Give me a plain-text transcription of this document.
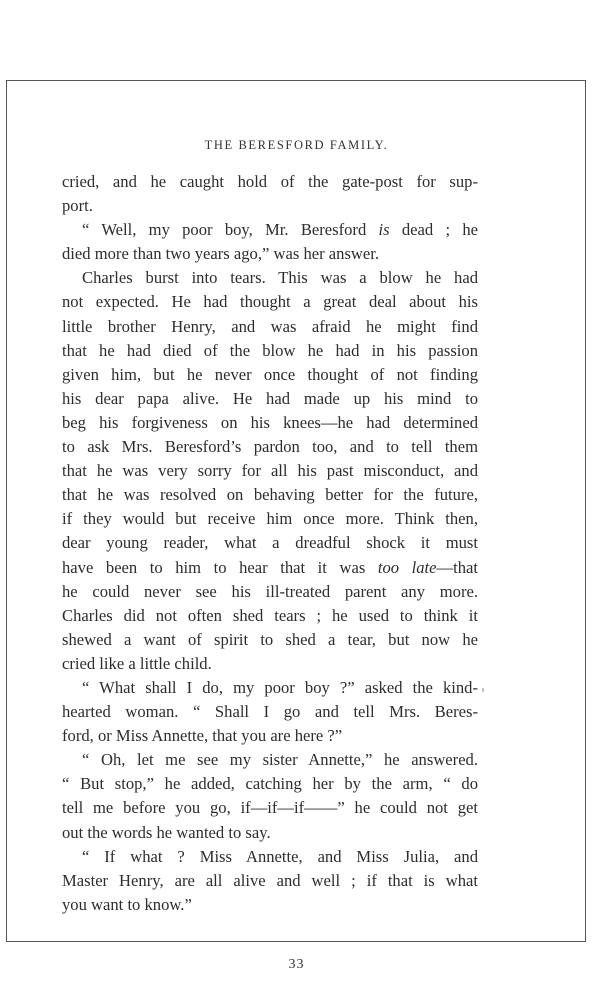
THE BERESFORD FAMILY.
cried, and he caught hold of the gate-post for sup-
port.
“ Well, my poor boy, Mr. Beresford is dead ; he
died more than two years ago,” was her answer.
Charles burst into tears. This was a blow he had
not expected. He had thought a great deal about his
little brother Henry, and was afraid he might find
that he had died of the blow he had in his passion
given him, but he never once thought of not finding
his dear papa alive. He had made up his mind to
beg his forgiveness on his knees—he had determined
to ask Mrs. Beresford’s pardon too, and to tell them
that he was very sorry for all his past misconduct, and
that he was resolved on behaving better for the future,
if they would but receive him once more. Think then,
dear young reader, what a dreadful shock it must
have been to him to hear that it was too late—that
he could never see his ill-treated parent any more.
Charles did not often shed tears ; he used to think it
shewed a want of spirit to shed a tear, but now he
cried like a little child.
“ What shall I do, my poor boy ?” asked the kind-
hearted woman. “ Shall I go and tell Mrs. Beres-
ford, or Miss Annette, that you are here ?”
“ Oh, let me see my sister Annette,” he answered.
“ But stop,” he added, catching her by the arm, “ do
tell me before you go, if—if—if——” he could not get
out the words he wanted to say.
“ If what ? Miss Annette, and Miss Julia, and
Master Henry, are all alive and well ; if that is what
you want to know.”
33
